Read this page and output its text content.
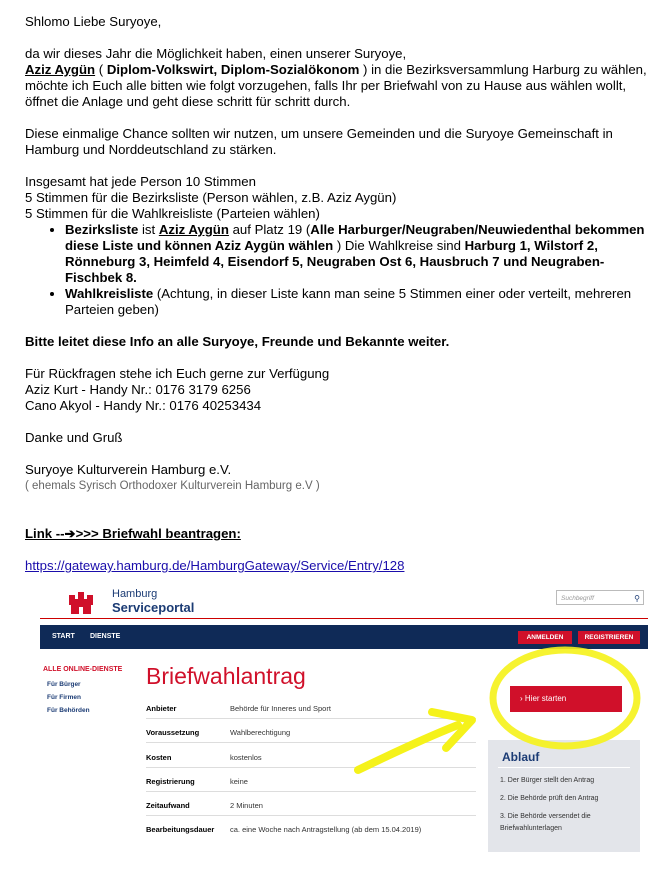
Shlomo Liebe Suryoye,

da wir dieses Jahr die Möglichkeit haben, einen unserer Suryoye,
Aziz Aygün ( Diplom-Volkswirt, Diplom-Sozialökonom ) in die Bezirksversammlung Harburg zu wählen, möchte ich Euch alle bitten wie folgt vorzugehen, falls Ihr per Briefwahl von zu Hause aus wählen wollt, öffnet die Anlage und geht diese schritt für schritt durch.

Diese einmalige Chance sollten wir nutzen, um unsere Gemeinden und die Suryoye Gemeinschaft in Hamburg und Norddeutschland zu stärken.

Insgesamt hat jede Person 10 Stimmen

5 Stimmen für die Bezirksliste (Person wählen, z.B. Aziz Aygün)

5 Stimmen für die Wahlkreisliste (Parteien wählen)

• Bezirksliste ist Aziz Aygün auf Platz 19 (Alle Harburger/Neugraben/Neuwiedenthal bekommen diese Liste und können Aziz Aygün wählen ) Die Wahlkreise sind Harburg 1, Wilstorf 2, Rönneburg 3, Heimfeld 4, Eisendorf 5, Neugraben Ost 6, Hausbruch 7 und Neugraben-Fischbek 8.
• Wahlkreisliste (Achtung, in dieser Liste kann man seine 5 Stimmen einer oder verteilt, mehreren Parteien geben)

Bitte leitet diese Info an alle Suryoye, Freunde und Bekannte weiter.

Für Rückfragen stehe ich Euch gerne zur Verfügung

Aziz Kurt - Handy Nr.: 0176 3179 6256

Cano Akyol - Handy Nr.: 0176 40253434

Danke und Gruß

Suryoye Kulturverein Hamburg e.V.

( ehemals Syrisch Orthodoxer Kulturverein Hamburg e.V )

Link --➔>>> Briefwahl beantragen:

https://gateway.hamburg.de/HamburgGateway/Service/Entry/128

Hamburg
Serviceportal
Suchbegriff	⚲
START DIENSTE	ANMELDEN	REGISTRIEREN
ALLE ONLINE-DIENSTE
Für Bürger
Für Firmen
Für Behörden
Briefwahlantrag
Anbieter	Behörde für Inneres und Sport
Voraussetzung	Wahlberechtigung
Kosten	kostenlos
Registrierung	keine
Zeitaufwand	2 Minuten
Bearbeitungsdauer ca. eine Woche nach Antragstellung (ab dem 15.04.2019)
› Hier starten
Ablauf
1. Der Bürger stellt den Antrag
2. Die Behörde prüft den Antrag
3. Die Behörde versendet die Briefwahlunterlagen
